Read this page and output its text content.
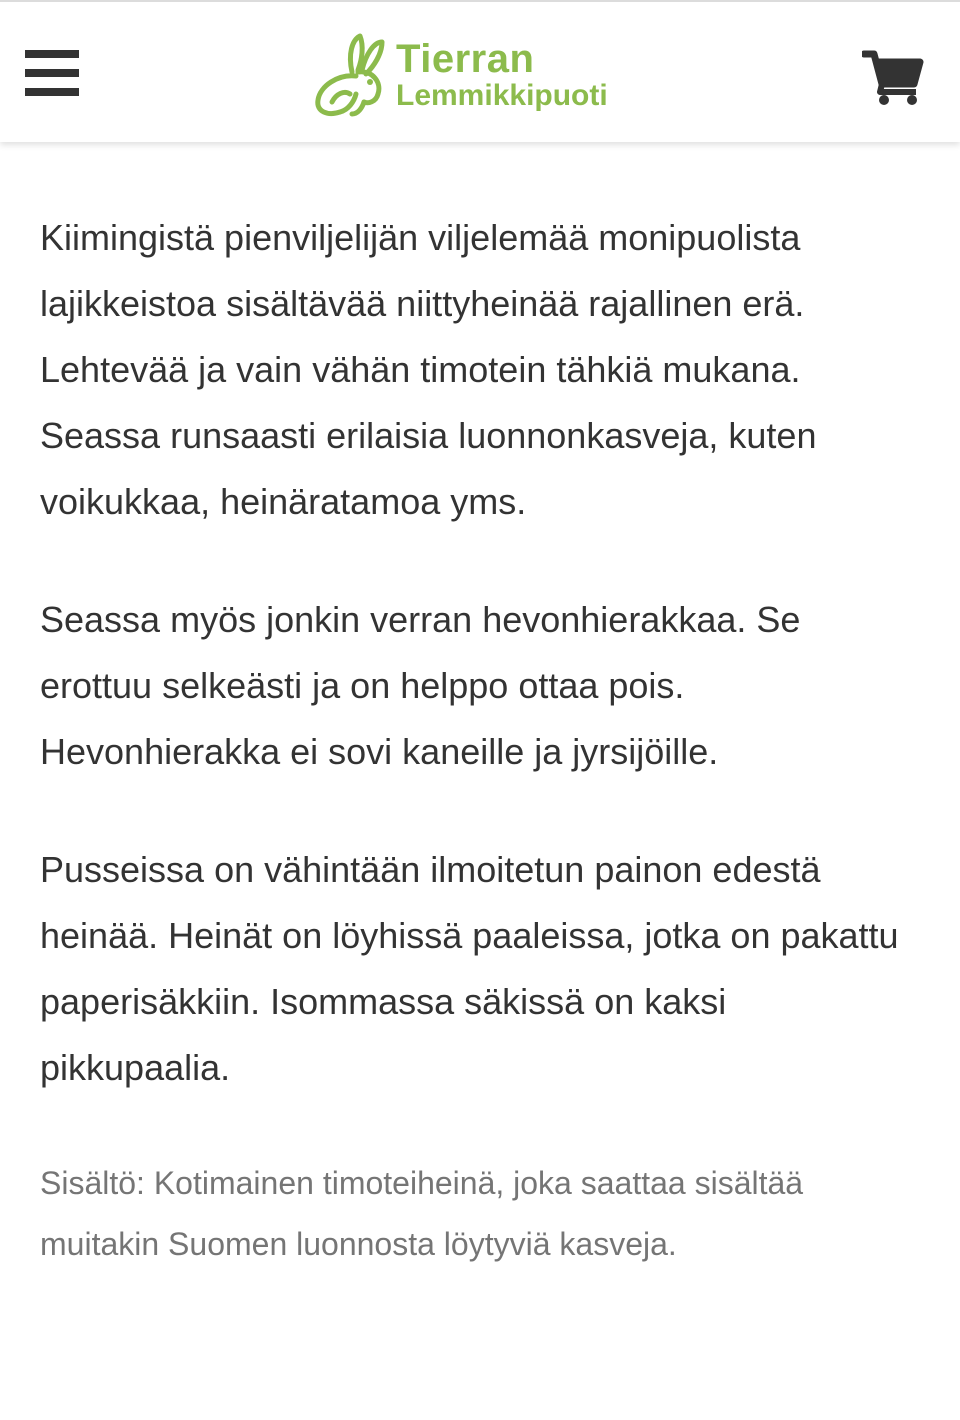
Tierran
Lemmikkipuoti

Kiimingistä pienviljelijän viljelemää monipuolista lajikkeistoa sisältävää niittyheinää rajallinen erä. Lehtevää ja vain vähän timotein tähkiä mukana. Seassa runsaasti erilaisia luonnonkasveja, kuten voikukkaa, heinäratamoa yms.

Seassa myös jonkin verran hevonhierakkaa. Se erottuu selkeästi ja on helppo ottaa pois. Hevonhierakka ei sovi kaneille ja jyrsijöille.

Pusseissa on vähintään ilmoitetun painon edestä heinää. Heinät on löyhissä paaleissa, jotka on pakattu paperisäkkiin. Isommassa säkissä on kaksi pikkupaalia.

Sisältö: Kotimainen timoteiheinä, joka saattaa sisältää muitakin Suomen luonnosta löytyviä kasveja.
